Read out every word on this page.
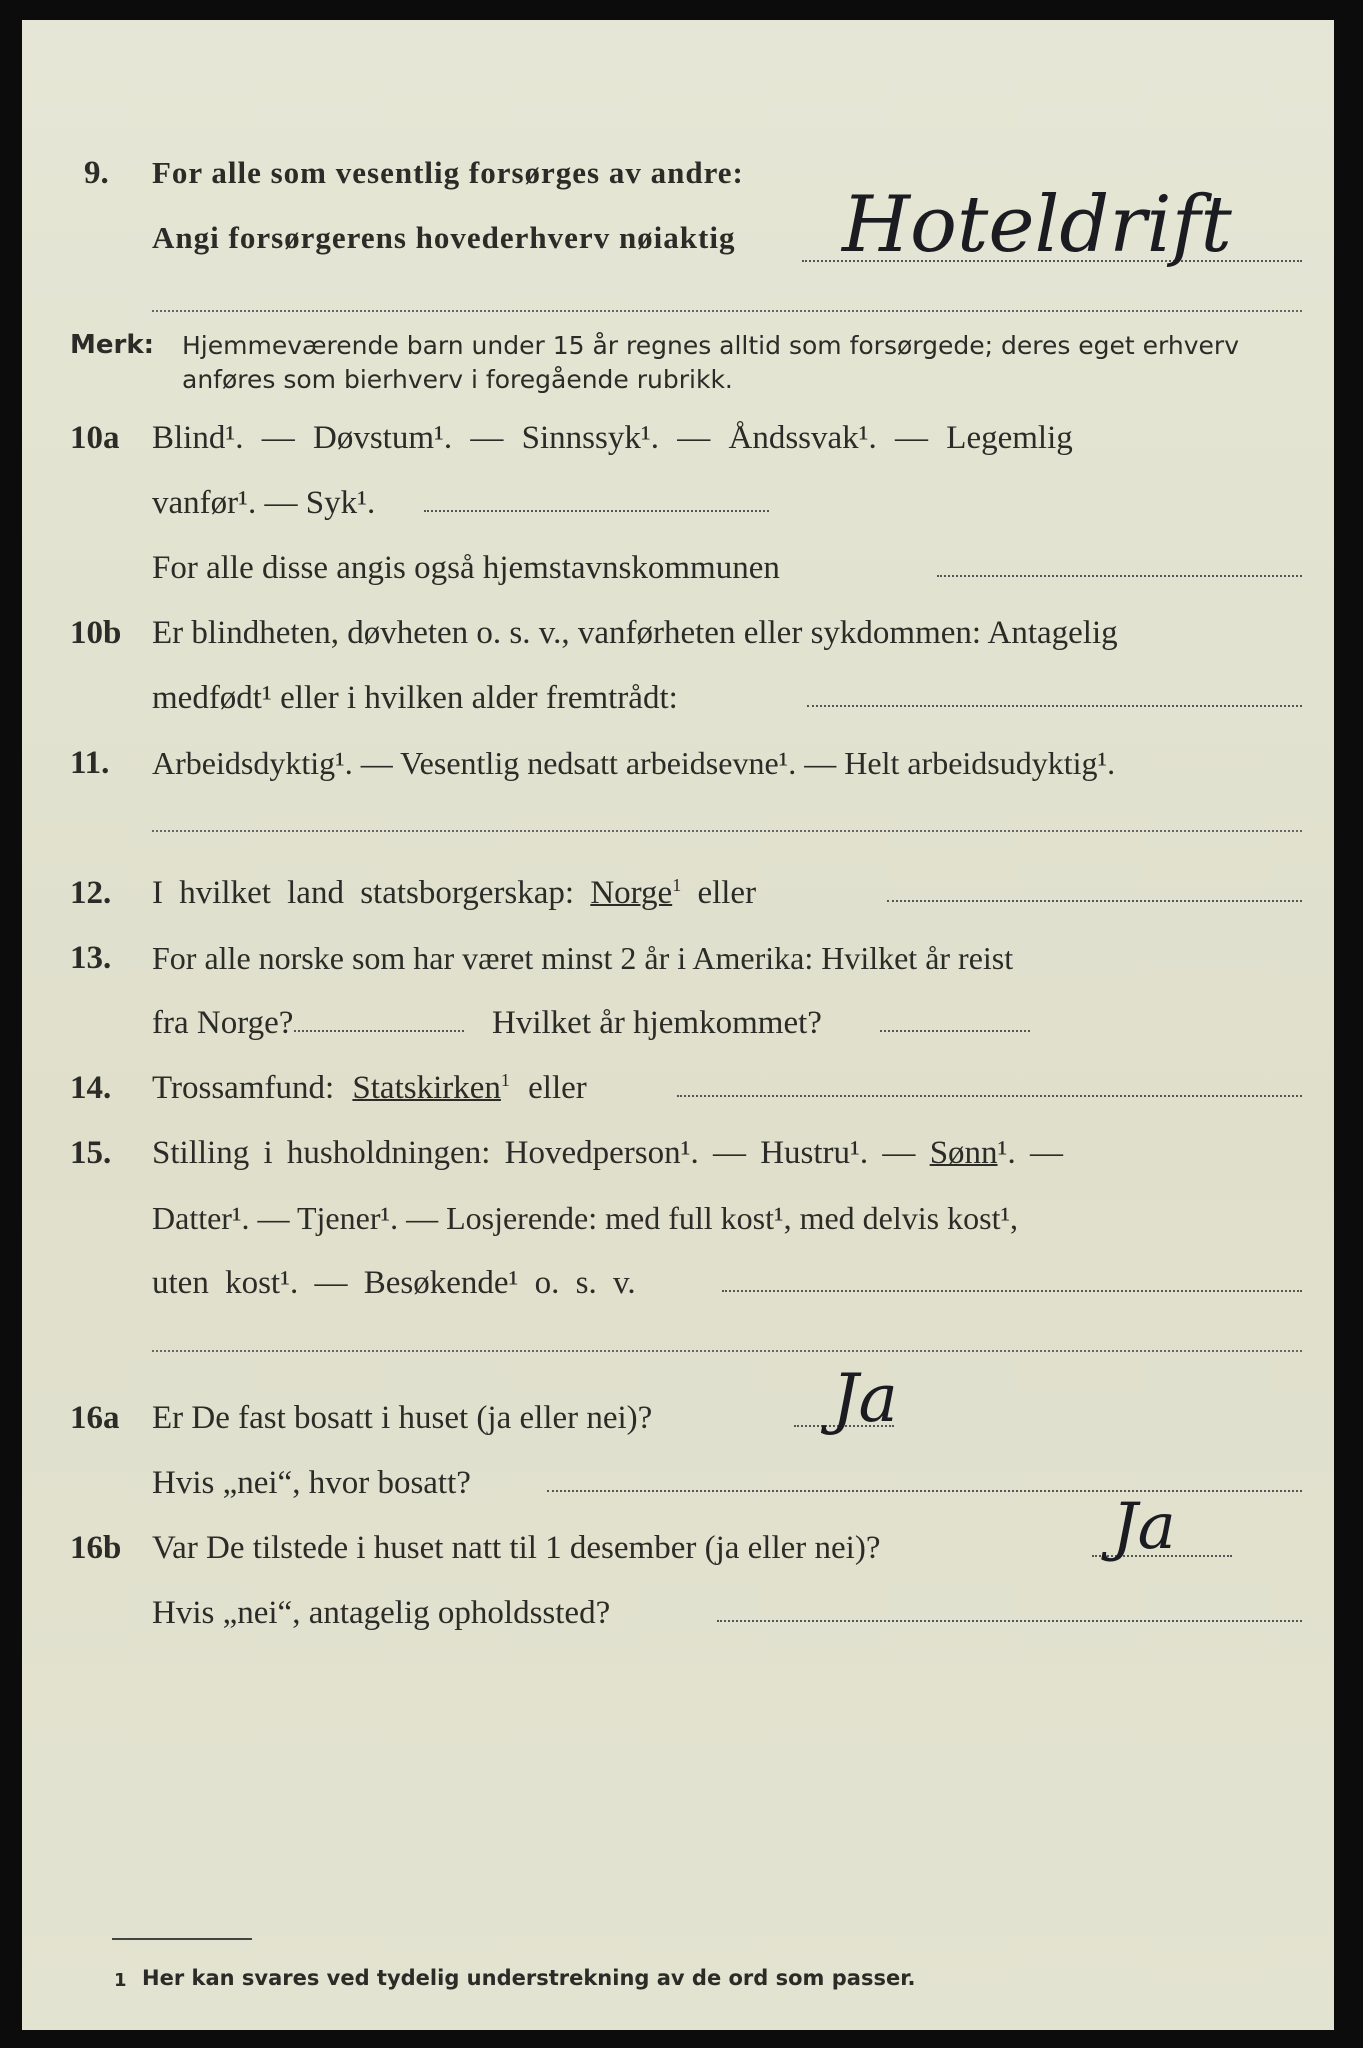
9. For alle som vesentlig forsørges av andre:
Angi forsørgerens hovederhverv nøiaktig Hoteldrift
Merk: Hjemmeværende barn under 15 år regnes alltid som forsørgede; deres eget erhverv
anføres som bierhverv i foregående rubrikk.
10a Blind¹. — Døvstum¹. — Sinnssyk¹. — Åndssvak¹. — Legemlig
vanfør¹. — Syk¹.
For alle disse angis også hjemstavnskommunen
10b Er blindheten, døvheten o. s. v., vanførheten eller sykdommen: Antagelig
medfødt¹ eller i hvilken alder fremtrådt:
11. Arbeidsdyktig¹. — Vesentlig nedsatt arbeidsevne¹. — Helt arbeidsudyktig¹.
12. I hvilket land statsborgerskap: Norge$^1$ eller
13. For alle norske som har været minst 2 år i Amerika: Hvilket år reist
fra Norge?	Hvilket år hjemkommet?
14. Trossamfund: Statskirken$^1$ eller
15. Stilling i husholdningen: Hovedperson¹. — Hustru¹. — Sønn¹. —
Datter¹. — Tjener¹. — Losjerende: med full kost¹, med delvis kost¹,
uten kost¹. — Besøkende¹ o. s. v.
16a Er De fast bosatt i huset (ja eller nei)?	Ja
Hvis „nei“, hvor bosatt?
16b Var De tilstede i huset natt til 1 desember (ja eller nei)?	Ja
Hvis „nei“, antagelig opholdssted?
1 Her kan svares ved tydelig understrekning av de ord som passer.
